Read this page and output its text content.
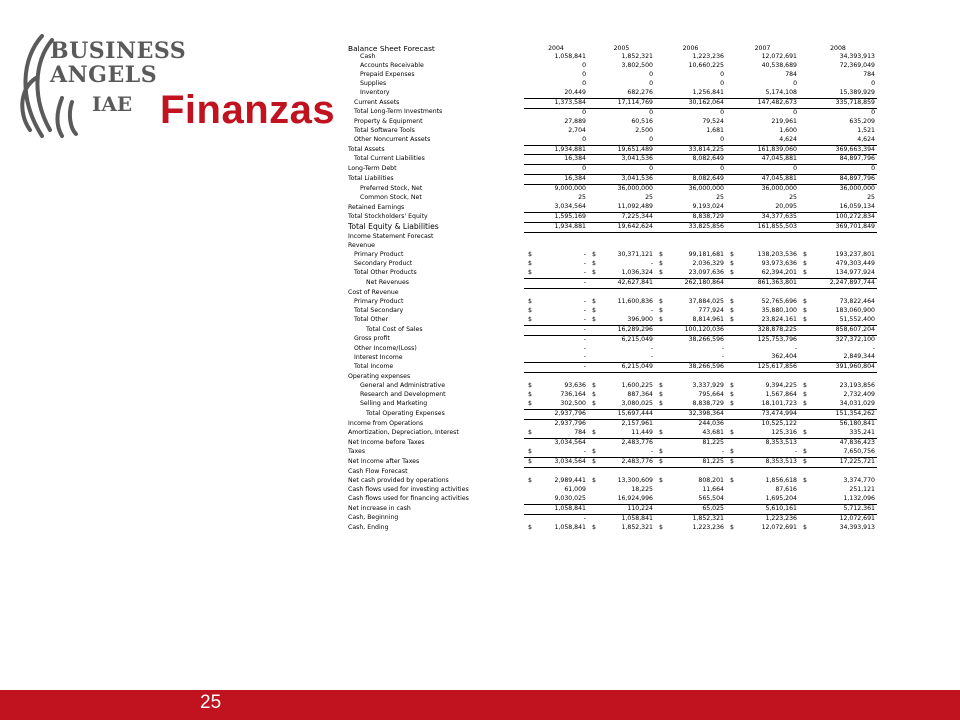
BUSINESS
ANGELS
IAE Finanzas
Balance Sheet Forecast	2004	2005	2006	2007	2008
Cash	1,058,841	1,852,321	1,223,236	12,072,691	34,393,913
Accounts Receivable	0	3,802,500	10,660,225	40,538,689	72,369,049
Prepaid Expenses	0	0	0	784	784
Supplies	0	0	0	0	0
Inventory	20,449	682,276	1,256,841	5,174,108	15,389,929
Current Assets	1,373,584	17,114,769	30,162,064	147,482,673	335,718,859
Total Long-Term Investments	0	0	0	0	0
Property & Equipment	27,889	60,516	79,524	219,961	635,209
Total Software Tools	2,704	2,500	1,681	1,600	1,521
Other Noncurrent Assets	0	0	0	4,624	4,624
Total Assets	1,934,881	19,651,489	33,814,225	161,839,060	369,663,394
Total Current Liabilities	16,384	3,041,536	8,082,649	47,045,881	84,897,796
Long-Term Debt	0	0	0	0	0
Total Liabilities	16,384	3,041,536	8,082,649	47,045,881	84,897,796
Preferred Stock, Net	9,000,000	36,000,000	36,000,000	36,000,000	36,000,000
Common Stock, Net	25	25	25	25	25
Retained Earnings	3,034,564	11,092,489	9,193,024	20,095	16,059,134
Total Stockholders' Equity	1,595,169	7,225,344	8,838,729	34,377,635	100,272,834
Total Equity & Liabilities	1,934,881	19,642,624	33,825,856	161,855,503	369,701,849
Income Statement Forecast					
Revenue					
Primary Product	$ -	$ 30,371,121	$ 99,181,681	$ 138,203,536	$ 193,237,801
Secondary Product	$ -	$ -	$ 2,036,329	$ 93,973,636	$ 479,303,449
Total Other Products	$ -	$ 1,036,324	$ 23,097,636	$ 62,394,201	$ 134,977,924
Net Revenues	-	42,627,841	262,180,864	861,363,801	2,247,897,744
Cost of Revenue					
Primary Product	$ -	$ 11,600,836	$ 37,884,025	$ 52,765,696	$ 73,822,464
Total Secondary	$ -	$ -	$ 777,924	$ 35,880,100	$ 183,060,900
Total Other	$ -	$ 396,900	$ 8,814,961	$ 23,824,161	$ 51,552,400
Total Cost of Sales	-	16,289,296	100,120,036	328,878,225	858,607,204
Gross profit	-	6,215,049	38,266,596	125,753,796	327,372,100
Other Income/(Loss)	-	-	-	-	-
Interest Income	-	-	-	362,404	2,849,344
Total Income	-	6,215,049	38,266,596	125,617,856	391,960,804
Operating expenses					
General and Administrative	$ 93,636	$ 1,600,225	$ 3,337,929	$ 9,394,225	$ 23,193,856
Research and Development	$ 736,164	$ 887,364	$ 795,664	$ 1,567,864	$ 2,732,409
Selling and Marketing	$ 302,500	$ 3,080,025	$ 8,838,729	$ 18,101,723	$ 34,031,029
Total Operating Expenses	2,937,796	15,697,444	32,398,364	73,474,994	151,354,262
Income from Operations	2,937,796	2,157,961	244,036	10,525,122	56,180,841
Amortization, Depreciation, Interest	$ 784	$ 11,449	$ 43,681	$ 125,316	$ 335,241
Net Income before Taxes	3,034,564	2,483,776	81,225	8,353,513	47,836,423
Taxes	$ -	$ -	$ -	$ -	$ 7,650,756
Net Income after Taxes	$ 3,034,564	$ 2,483,776	$ 81,225	$ 8,353,513	$ 17,225,721
Cash Flow Forecast					
Net cash provided by operations	$ 2,989,441	$ 13,300,609	$ 808,201	$ 1,856,618	$ 3,374,770
Cash flows used for investing activities	61,009	18,225	11,664	87,616	251,121
Cash flows used for financing activities	9,030,025	16,924,996	565,504	1,695,204	1,132,096
Net increase in cash	1,058,841	110,224	65,025	5,610,161	5,712,361
Cash, Beginning	-	1,058,841	1,852,321	1,223,236	12,072,691
Cash, Ending	$ 1,058,841	$ 1,852,321	$ 1,223,236	$ 12,072,691	$ 34,393,913
25
